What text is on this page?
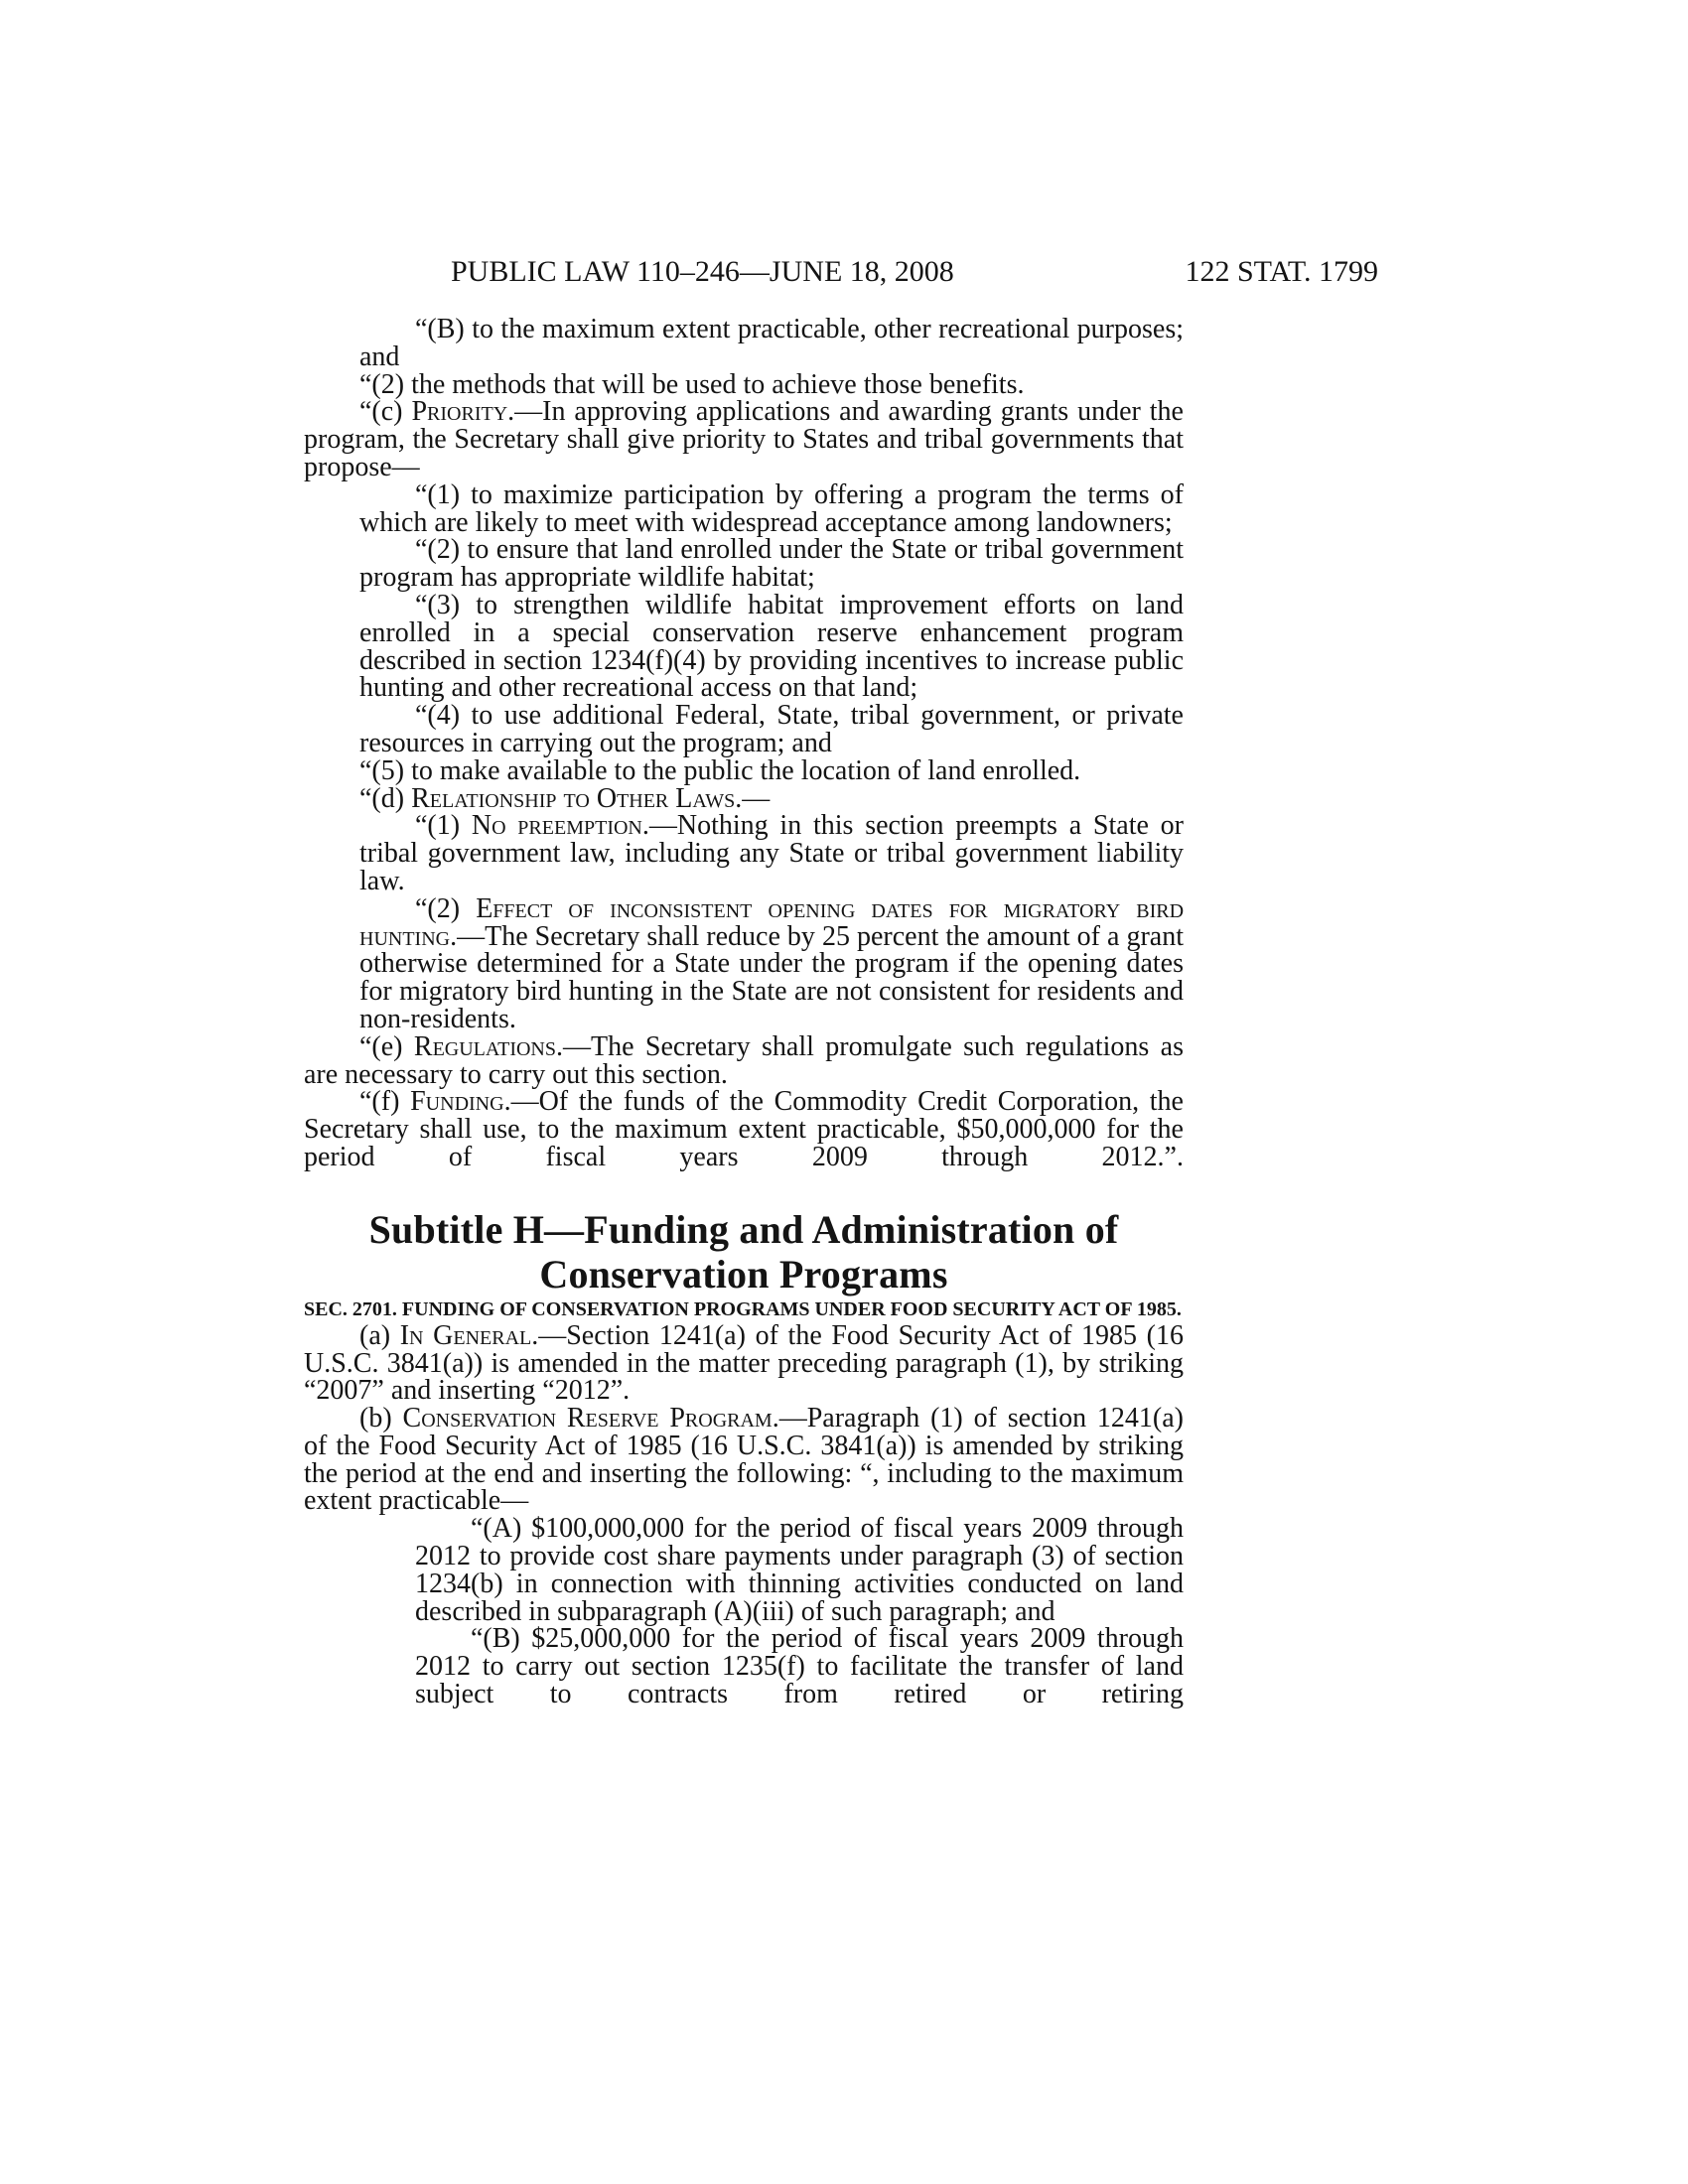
PUBLIC LAW 110–246—JUNE 18, 2008	122 STAT. 1799

“(B) to the maximum extent practicable, other recreational purposes; and

“(2) the methods that will be used to achieve those benefits.

“(c) Priority.—In approving applications and awarding grants under the program, the Secretary shall give priority to States and tribal governments that propose—

“(1) to maximize participation by offering a program the terms of which are likely to meet with widespread acceptance among landowners;

“(2) to ensure that land enrolled under the State or tribal government program has appropriate wildlife habitat;

“(3) to strengthen wildlife habitat improvement efforts on land enrolled in a special conservation reserve enhancement program described in section 1234(f)(4) by providing incentives to increase public hunting and other recreational access on that land;

“(4) to use additional Federal, State, tribal government, or private resources in carrying out the program; and

“(5) to make available to the public the location of land enrolled.

“(d) Relationship to Other Laws.—

“(1) No preemption.—Nothing in this section preempts a State or tribal government law, including any State or tribal government liability law.

“(2) Effect of inconsistent opening dates for migratory bird hunting.—The Secretary shall reduce by 25 percent the amount of a grant otherwise determined for a State under the program if the opening dates for migratory bird hunting in the State are not consistent for residents and non-residents.

“(e) Regulations.—The Secretary shall promulgate such regulations as are necessary to carry out this section.

“(f) Funding.—Of the funds of the Commodity Credit Corporation, the Secretary shall use, to the maximum extent practicable, $50,000,000 for the period of fiscal years 2009 through 2012.”.

Subtitle H—Funding and Administration of
Conservation Programs

SEC. 2701. FUNDING OF CONSERVATION PROGRAMS UNDER FOOD SECURITY ACT OF 1985.

(a) In General.—Section 1241(a) of the Food Security Act of 1985 (16 U.S.C. 3841(a)) is amended in the matter preceding paragraph (1), by striking “2007” and inserting “2012”.

(b) Conservation Reserve Program.—Paragraph (1) of section 1241(a) of the Food Security Act of 1985 (16 U.S.C. 3841(a)) is amended by striking the period at the end and inserting the following: “, including to the maximum extent practicable—

“(A) $100,000,000 for the period of fiscal years 2009 through 2012 to provide cost share payments under paragraph (3) of section 1234(b) in connection with thinning activities conducted on land described in subparagraph (A)(iii) of such paragraph; and

“(B) $25,000,000 for the period of fiscal years 2009 through 2012 to carry out section 1235(f) to facilitate the transfer of land subject to contracts from retired or retiring
